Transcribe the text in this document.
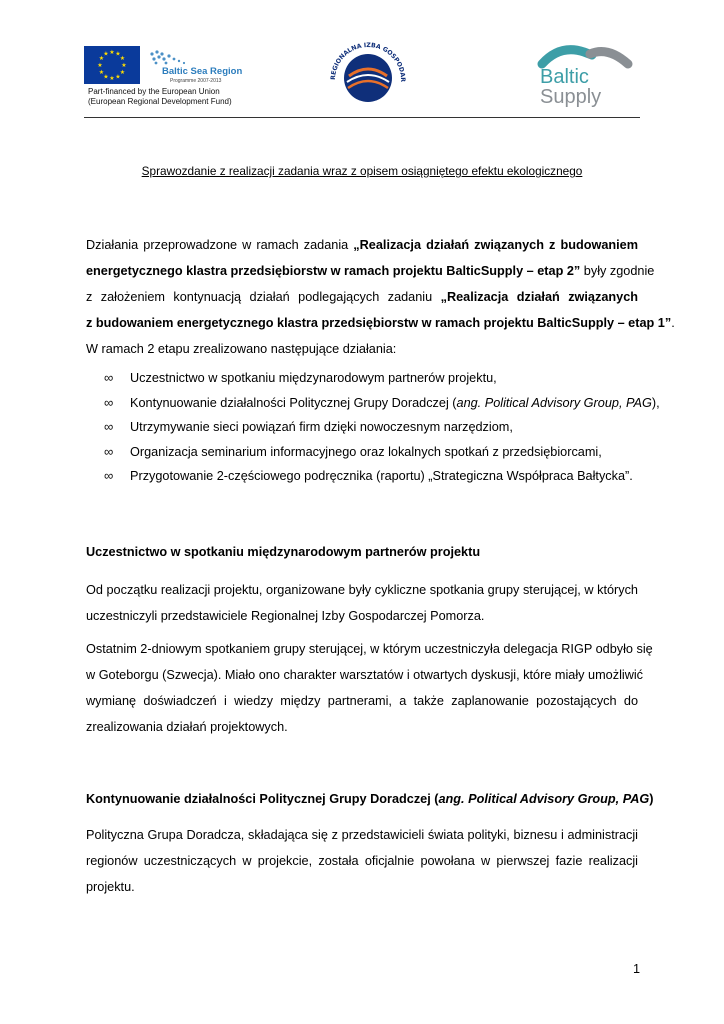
★ ★
★
★
★
★
★
★
★
★
★
★
Baltic Sea Region
Programme 2007-2013
Part-financed by the European Union
(European Regional Development Fund)
REGIONALNA IZBA GOSPODAR	Baltic
Supply
Sprawozdanie z realizacji zadania wraz z opisem osiągniętego efektu ekologicznego
Działania przeprowadzone w ramach zadania „Realizacja działań związanych z budowaniem
energetycznego klastra przedsiębiorstw w ramach projektu BalticSupply – etap 2” były zgodnie
z założeniem kontynuacją działań podlegających zadaniu „Realizacja działań związanych
z budowaniem energetycznego klastra przedsiębiorstw w ramach projektu BalticSupply – etap 1”.
W ramach 2 etapu zrealizowano następujące działania:
∞ Uczestnictwo w spotkaniu międzynarodowym partnerów projektu,
∞ Kontynuowanie działalności Politycznej Grupy Doradczej (ang. Political Advisory Group, PAG),
∞ Utrzymywanie sieci powiązań firm dzięki nowoczesnym narzędziom,
∞ Organizacja seminarium informacyjnego oraz lokalnych spotkań z przedsiębiorcami,
∞ Przygotowanie 2-częściowego podręcznika (raportu) „Strategiczna Współpraca Bałtycka”.
Uczestnictwo w spotkaniu międzynarodowym partnerów projektu
Od początku realizacji projektu, organizowane były cykliczne spotkania grupy sterującej, w których
uczestniczyli przedstawiciele Regionalnej Izby Gospodarczej Pomorza.
Ostatnim 2-dniowym spotkaniem grupy sterującej, w którym uczestniczyła delegacja RIGP odbyło się
w Goteborgu (Szwecja). Miało ono charakter warsztatów i otwartych dyskusji, które miały umożliwić
wymianę doświadczeń i wiedzy między partnerami, a także zaplanowanie pozostających do
zrealizowania działań projektowych.
Kontynuowanie działalności Politycznej Grupy Doradczej (ang. Political Advisory Group, PAG)
Polityczna Grupa Doradcza, składająca się z przedstawicieli świata polityki, biznesu i administracji
regionów uczestniczących w projekcie, została oficjalnie powołana w pierwszej fazie realizacji
projektu.
1
